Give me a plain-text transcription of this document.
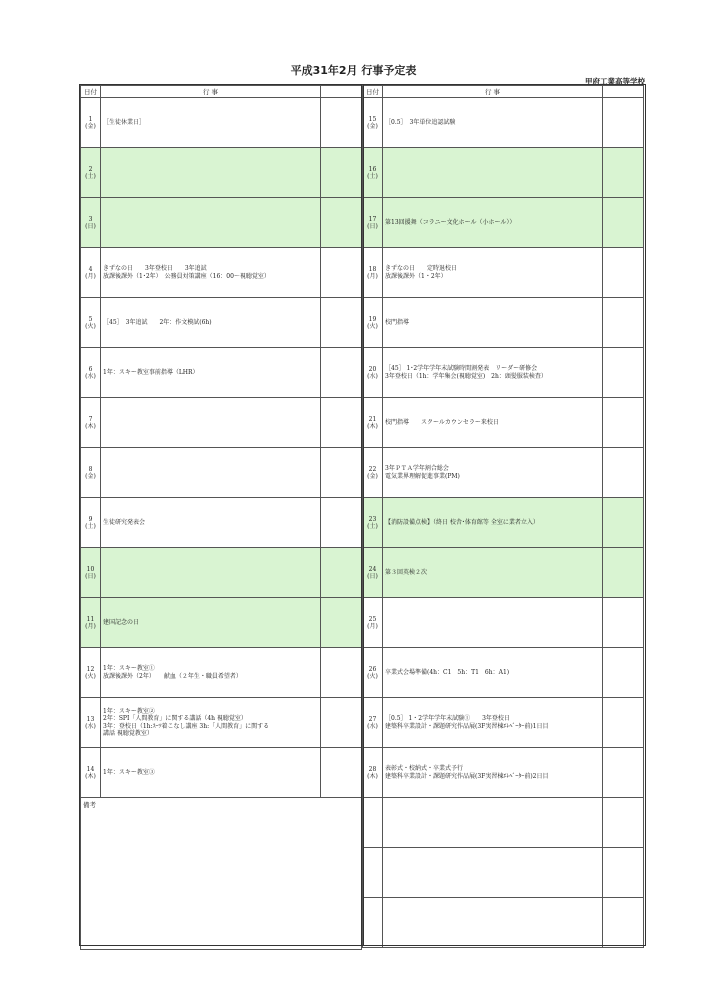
平成31年2月 行事予定表
甲府工業高等学校
日付	行 事	

1
(金)	［生徒休業日］	

2
(土)		

3
(日)		

4
(月)	きずなの日　　3年登校日　　3年追試
放課後課外（1･2年）　公務員対策講座（16：00～視聴覚室）	

5
(火)	［45］　3年追試　　2年：作文模試(6h)	

6
(水)	1年：スキー教室事前指導（LHR）	

7
(木)		

8
(金)		

9
(土)	生徒研究発表会	

10
(日)		

11
(月)	建国記念の日	

12
(火)	1年：スキー教室①
放課後課外（2年）　　献血（２年生・職員希望者）	

13
(水)	1年：スキー教室②
2年：SPI「人間教育」に関する講話（4h 視聴覚室）
3年：登校日（1h:ｽｰﾂ着こなし講座 3h:「人間教育」に関する
講話 視聴覚教室）	

14
(木)	1年：スキー教室③	

備考		
日付	行 事	

15
(金)	［0.5］　3年単位追認試験	

16
(土)		

17
(日)	第13回援舞（コラニー文化ホール（小ホール））	

18
(月)	きずなの日　　定時退校日
放課後課外（1・2年）	

19
(火)	校門指導	

20
(水)	［45］ 1･2学年学年末試験時間割発表　リーダー研修会
3年登校日（1h：学年集会(視聴覚室)　2h：頭髪服装検査）	

21
(木)	校門指導　　スクールカウンセラー来校日	

22
(金)	3年ＰＴＡ学年割合総会
電気業界理解促進事業(PM)	

23
(土)	【消防設備点検】（終日 校舎･体育館等 全室に業者立入）	

24
(日)	第３回英検２次	

25
(月)		

26
(火)	卒業式会場準備(4h：C1　5h：T1　6h：A1)	

27
(水)	［0.5］ 1・2学年学年末試験①　　3年登校日
建築科卒業設計・課題研究作品展(3F実習棟ｴﾚﾍﾞｰﾀｰ前)1日目	

28
(木)	表彰式・校納式・卒業式予行
建築科卒業設計・課題研究作品展(3F実習棟ｴﾚﾍﾞｰﾀｰ前)2日目	
